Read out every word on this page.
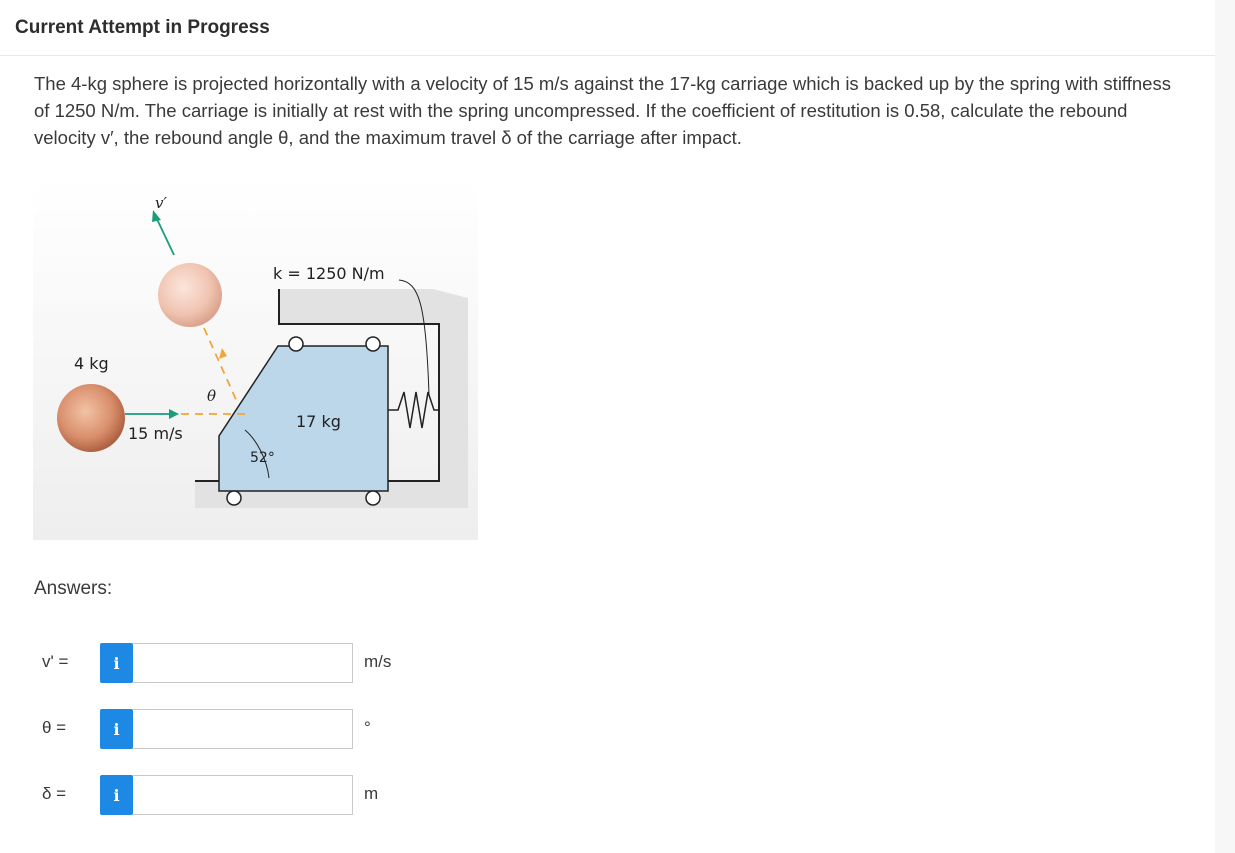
Current Attempt in Progress
The 4-kg sphere is projected horizontally with a velocity of 15 m/s against the 17-kg carriage which is backed up by the spring with stiffness of 1250 N/m. The carriage is initially at rest with the spring uncompressed. If the coefficient of restitution is 0.58, calculate the rebound velocity v′, the rebound angle θ, and the maximum travel δ of the carriage after impact.
v′
k = 1250 N/m
4 kg
θ
15 m/s
17 kg
52°
Answers:
v' =	i	m/s
θ =	i	°
δ =	i	m
